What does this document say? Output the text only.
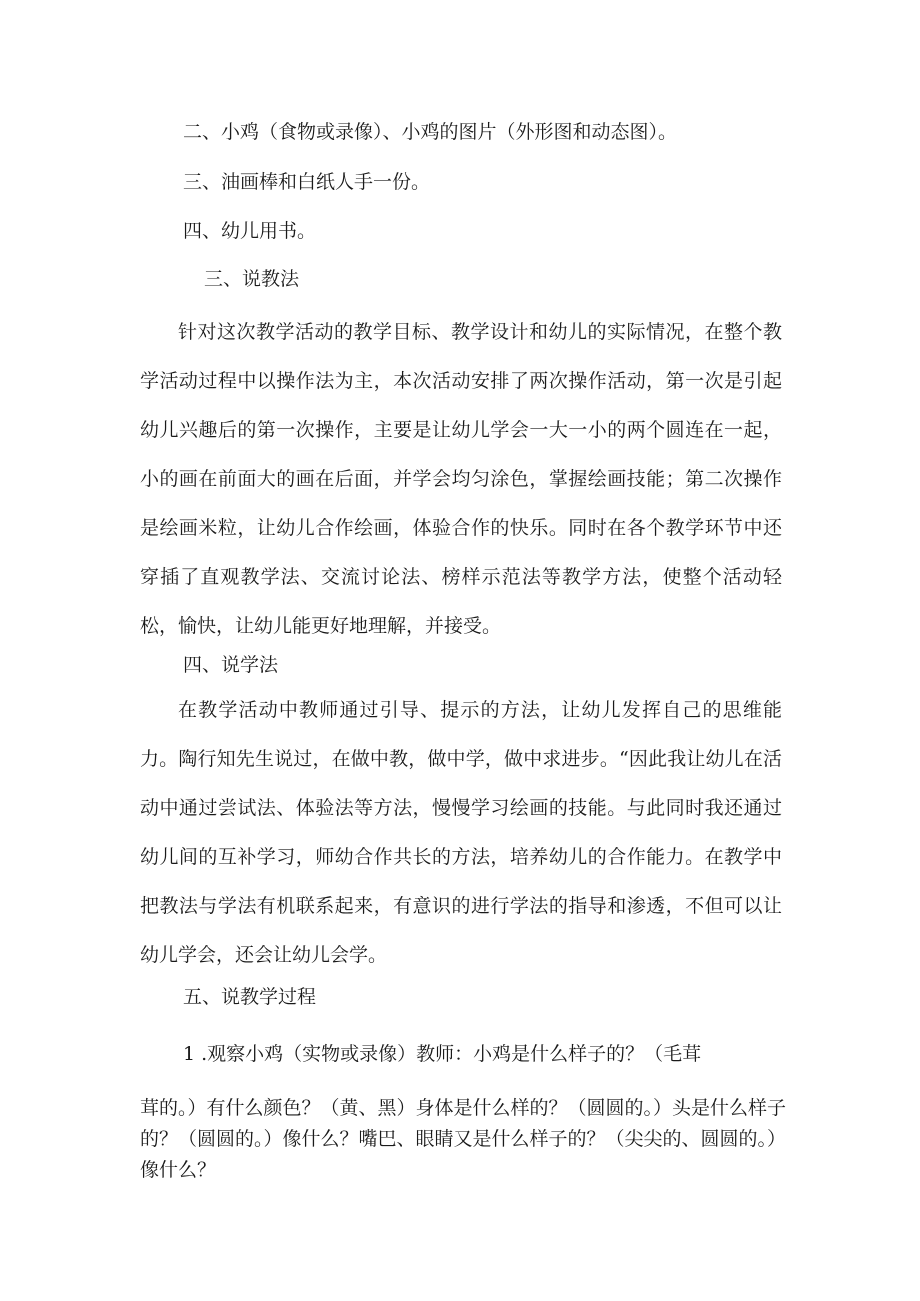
二、小鸡（食物或录像）、小鸡的图片（外形图和动态图）。
三、油画棒和白纸人手一份。
四、幼儿用书。
三、说教法

针对这次教学活动的教学目标、教学设计和幼儿的实际情况，在整个教学活动过程中以操作法为主，本次活动安排了两次操作活动，第一次是引起幼儿兴趣后的第一次操作，主要是让幼儿学会一大一小的两个圆连在一起，小的画在前面大的画在后面，并学会均匀涂色，掌握绘画技能；第二次操作是绘画米粒，让幼儿合作绘画，体验合作的快乐。同时在各个教学环节中还穿插了直观教学法、交流讨论法、榜样示范法等教学方法，使整个活动轻松，愉快，让幼儿能更好地理解，并接受。

四、说学法

在教学活动中教师通过引导、提示的方法，让幼儿发挥自己的思维能力。陶行知先生说过，在做中教，做中学，做中求进步。“因此我让幼儿在活动中通过尝试法、体验法等方法，慢慢学习绘画的技能。与此同时我还通过幼儿间的互补学习，师幼合作共长的方法，培养幼儿的合作能力。在教学中把教法与学法有机联系起来，有意识的进行学法的指导和渗透，不但可以让幼儿学会，还会让幼儿会学。

五、说教学过程
1 .观察小鸡（实物或录像）教师：小鸡是什么样子的？（毛茸

茸的。）有什么颜色？（黄、黑）身体是什么样的？（圆圆的。）头是什么样子的？（圆圆的。）像什么？嘴巴、眼睛又是什么样子的？（尖尖的、圆圆的。）像什么？
